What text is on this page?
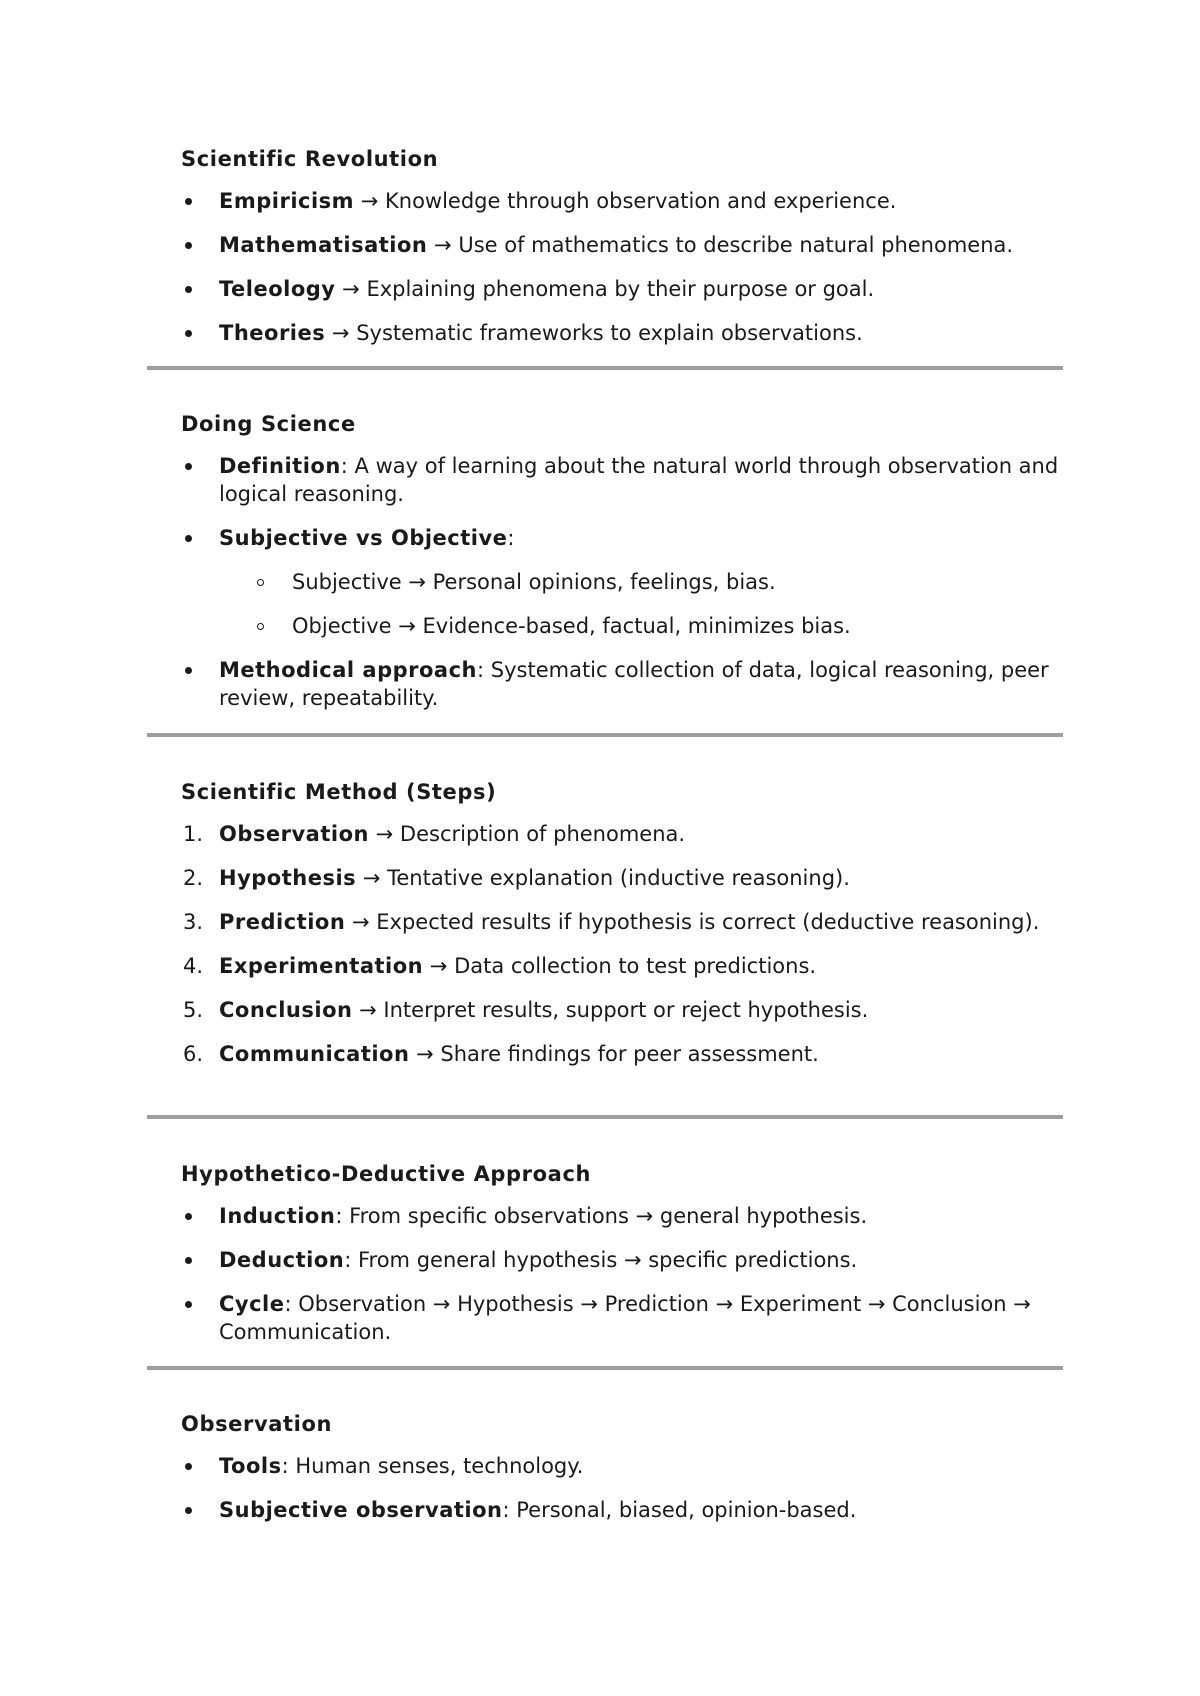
Scientific Revolution
Empiricism → Knowledge through observation and experience.
Mathematisation → Use of mathematics to describe natural phenomena.
Teleology → Explaining phenomena by their purpose or goal.
Theories → Systematic frameworks to explain observations.
Doing Science
Definition: A way of learning about the natural world through observation and logical reasoning.
Subjective vs Objective:
Subjective → Personal opinions, feelings, bias.
Objective → Evidence-based, factual, minimizes bias.
Methodical approach: Systematic collection of data, logical reasoning, peer review, repeatability.
Scientific Method (Steps)
1. Observation → Description of phenomena.
2. Hypothesis → Tentative explanation (inductive reasoning).
3. Prediction → Expected results if hypothesis is correct (deductive reasoning).
4. Experimentation → Data collection to test predictions.
5. Conclusion → Interpret results, support or reject hypothesis.
6. Communication → Share findings for peer assessment.
Hypothetico-Deductive Approach
Induction: From specific observations → general hypothesis.
Deduction: From general hypothesis → specific predictions.
Cycle: Observation → Hypothesis → Prediction → Experiment → Conclusion → Communication.
Observation
Tools: Human senses, technology.
Subjective observation: Personal, biased, opinion-based.
